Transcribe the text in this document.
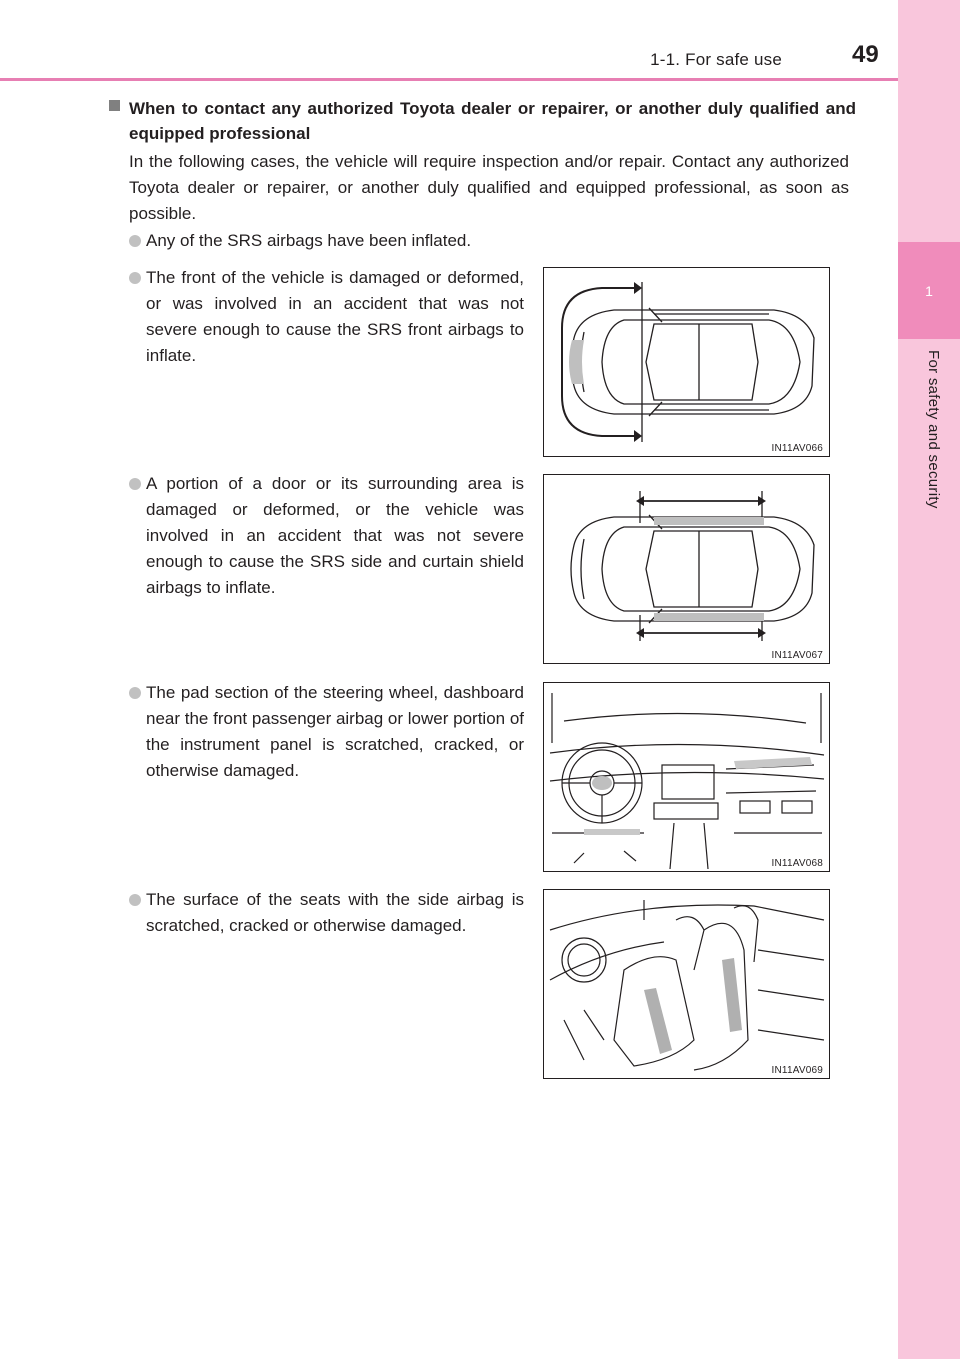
1-1. For safe use	49
1
For safety and security
When to contact any authorized Toyota dealer or repairer, or another duly qualified and equipped professional
In the following cases, the vehicle will require inspection and/or repair. Contact any authorized Toyota dealer or repairer, or another duly qualified and equipped professional, as soon as possible.
Any of the SRS airbags have been inflated.
The front of the vehicle is damaged or deformed, or was involved in an accident that was not severe enough to cause the SRS front airbags to inflate.
IN11AV066
A portion of a door or its surrounding area is damaged or deformed, or the vehicle was involved in an accident that was not severe enough to cause the SRS side and curtain shield airbags to inflate.
IN11AV067
The pad section of the steering wheel, dashboard near the front passenger airbag or lower portion of the instrument panel is scratched, cracked, or otherwise damaged.
IN11AV068
The surface of the seats with the side airbag is scratched, cracked or otherwise damaged.
IN11AV069
